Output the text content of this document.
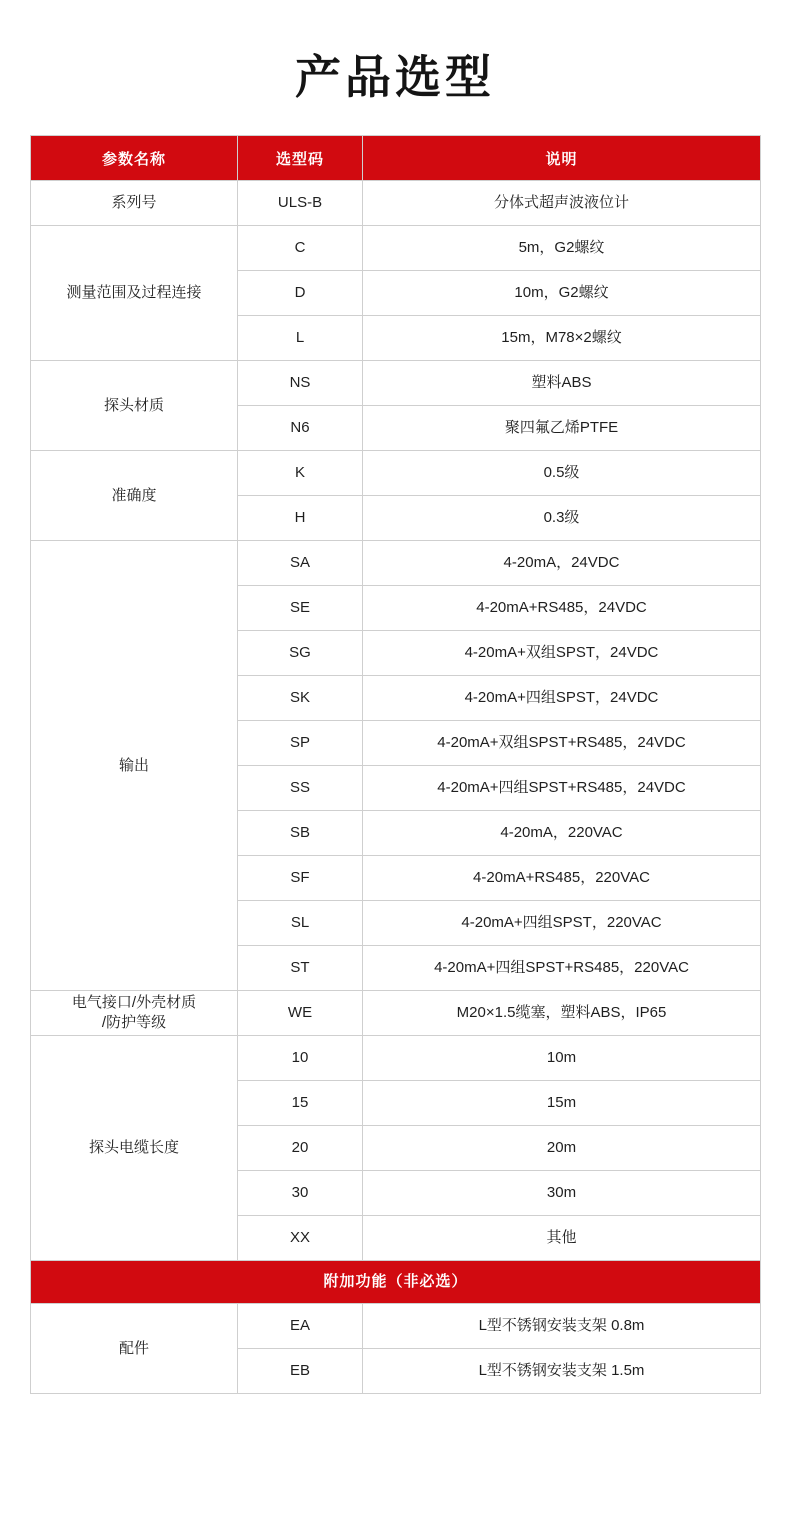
产品选型
参数名称	选型码	说明
系列号	ULS-B	分体式超声波液位计
测量范围及过程连接	C	5m，G2螺纹
	D	10m，G2螺纹
	L	15m，M78×2螺纹
探头材质	NS	塑料ABS
	N6	聚四氟乙烯PTFE
准确度	K	0.5级
	H	0.3级
输出	SA	4-20mA，24VDC
	SE	4-20mA+RS485，24VDC
	SG	4-20mA+双组SPST，24VDC
	SK	4-20mA+四组SPST，24VDC
	SP	4-20mA+双组SPST+RS485，24VDC
	SS	4-20mA+四组SPST+RS485，24VDC
	SB	4-20mA，220VAC
	SF	4-20mA+RS485，220VAC
	SL	4-20mA+四组SPST，220VAC
	ST	4-20mA+四组SPST+RS485，220VAC
电气接口/外壳材质
/防护等级	WE	M20×1.5缆塞，塑料ABS，IP65
探头电缆长度	10	10m
	15	15m
	20	20m
	30	30m
	XX	其他
附加功能（非必选）		
配件	EA	L型不锈钢安装支架 0.8m
	EB	L型不锈钢安装支架 1.5m
